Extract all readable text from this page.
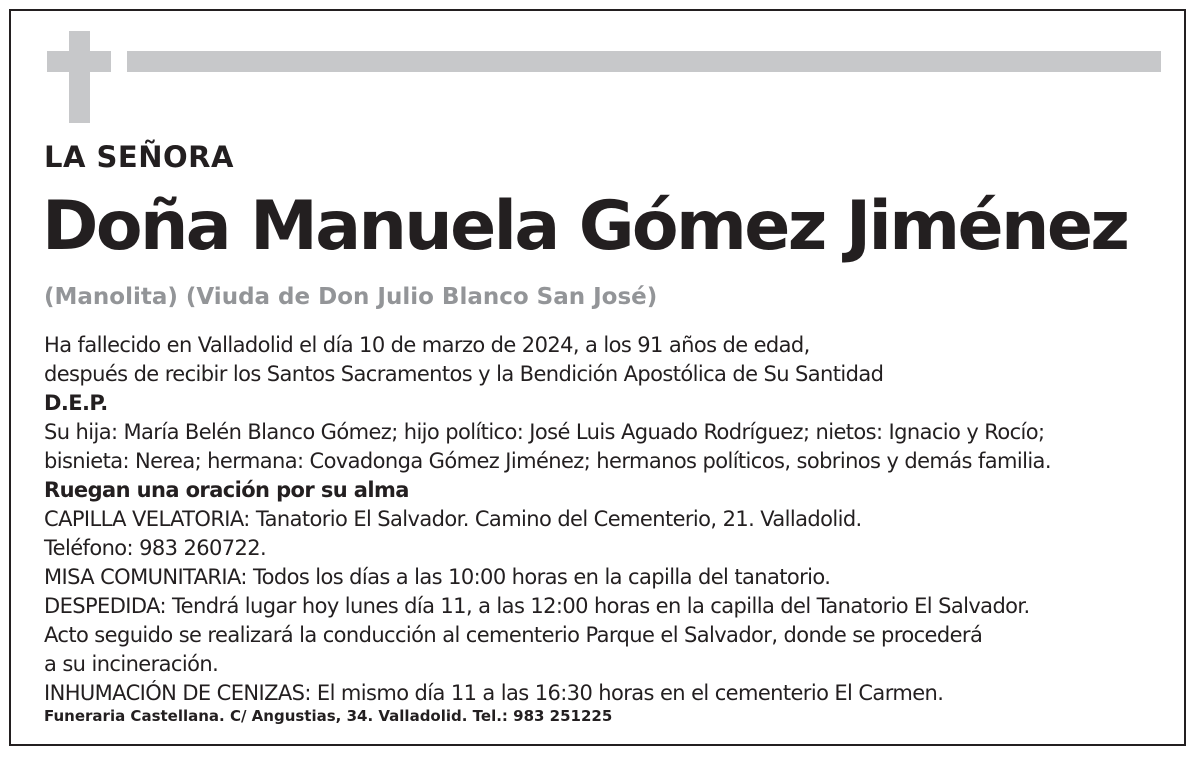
LA SEÑORA
Doña Manuela Gómez Jiménez
(Manolita) (Viuda de Don Julio Blanco San José)
Ha fallecido en Valladolid el día 10 de marzo de 2024, a los 91 años de edad,
después de recibir los Santos Sacramentos y la Bendición Apostólica de Su Santidad
D.E.P.
Su hija: María Belén Blanco Gómez; hijo político: José Luis Aguado Rodríguez; nietos: Ignacio y Rocío;
bisnieta: Nerea; hermana: Covadonga Gómez Jiménez; hermanos políticos, sobrinos y demás familia.
Ruegan una oración por su alma
CAPILLA VELATORIA: Tanatorio El Salvador. Camino del Cementerio, 21. Valladolid.
Teléfono: 983 260722.
MISA COMUNITARIA: Todos los días a las 10:00 horas en la capilla del tanatorio.
DESPEDIDA: Tendrá lugar hoy lunes día 11, a las 12:00 horas en la capilla del Tanatorio El Salvador.
Acto seguido se realizará la conducción al cementerio Parque el Salvador, donde se procederá
a su incineración.
INHUMACIÓN DE CENIZAS: El mismo día 11 a las 16:30 horas en el cementerio El Carmen.
Funeraria Castellana. C/ Angustias, 34. Valladolid. Tel.: 983 251225
